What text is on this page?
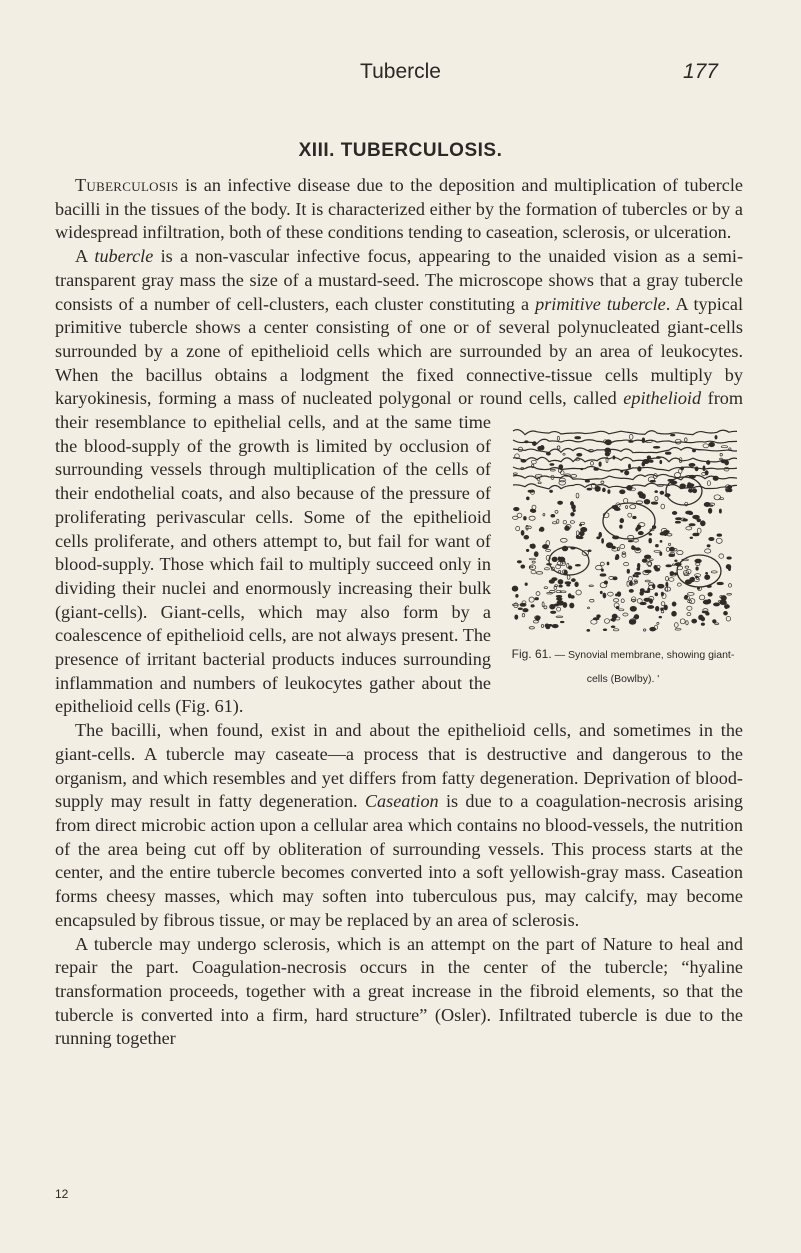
Tubercle	177
XIII. TUBERCULOSIS.

Tuberculosis is an infective disease due to the deposition and multiplication of tubercle bacilli in the tissues of the body. It is characterized either by the formation of tubercles or by a widespread infiltration, both of these conditions tending to caseation, sclerosis, or ulceration.

A tubercle is a non-vascular infective focus, appearing to the unaided vision as a semi-transparent gray mass the size of a mustard-seed. The microscope shows that a gray tubercle consists of a number of cell-clusters, each cluster constituting a primitive tubercle. A typical primitive tubercle shows a center consisting of one or of several polynucleated giant-cells surrounded by a zone of epithelioid cells which are surrounded by an area of leukocytes. When the bacillus obtains a lodgment the fixed connective-tissue cells multiply by karyokinesis, forming a mass of nucleated polygonal or round cells, called
Fig. 61. — Synovial membrane, showing giant-cells (Bowlby). '
epithelioid from their resemblance to epithelial cells, and at the same time the blood-supply of the growth is limited by occlusion of surrounding vessels through multiplication of the cells of their endothelial coats, and also because of the pressure of proliferating perivascular cells. Some of the epithelioid cells proliferate, and others attempt to, but fail for want of blood-supply. Those which fail to multiply succeed only in dividing their nuclei and enormously increasing their bulk (giant-cells). Giant-cells, which may also form by a coalescence of epithelioid cells, are not always present. The presence of irritant bacterial products induces surrounding inflammation and numbers of leukocytes gather about the epithelioid cells (Fig. 61).

The bacilli, when found, exist in and about the epithelioid cells, and sometimes in the giant-cells. A tubercle may caseate—a process that is destructive and dangerous to the organism, and which resembles and yet differs from fatty degeneration. Deprivation of blood-supply may result in fatty degeneration. Caseation is due to a coagulation-necrosis arising from direct microbic action upon a cellular area which contains no blood-vessels, the nutrition of the area being cut off by obliteration of surrounding vessels. This process starts at the center, and the entire tubercle becomes converted into a soft yellowish-gray mass. Caseation forms cheesy masses, which may soften into tuberculous pus, may calcify, may become encapsuled by fibrous tissue, or may be replaced by an area of sclerosis.

A tubercle may undergo sclerosis, which is an attempt on the part of Nature to heal and repair the part. Coagulation-necrosis occurs in the center of the tubercle; “hyaline transformation proceeds, together with a great increase in the fibroid elements, so that the tubercle is converted into a firm, hard structure” (Osler). Infiltrated tubercle is due to the running together

12
